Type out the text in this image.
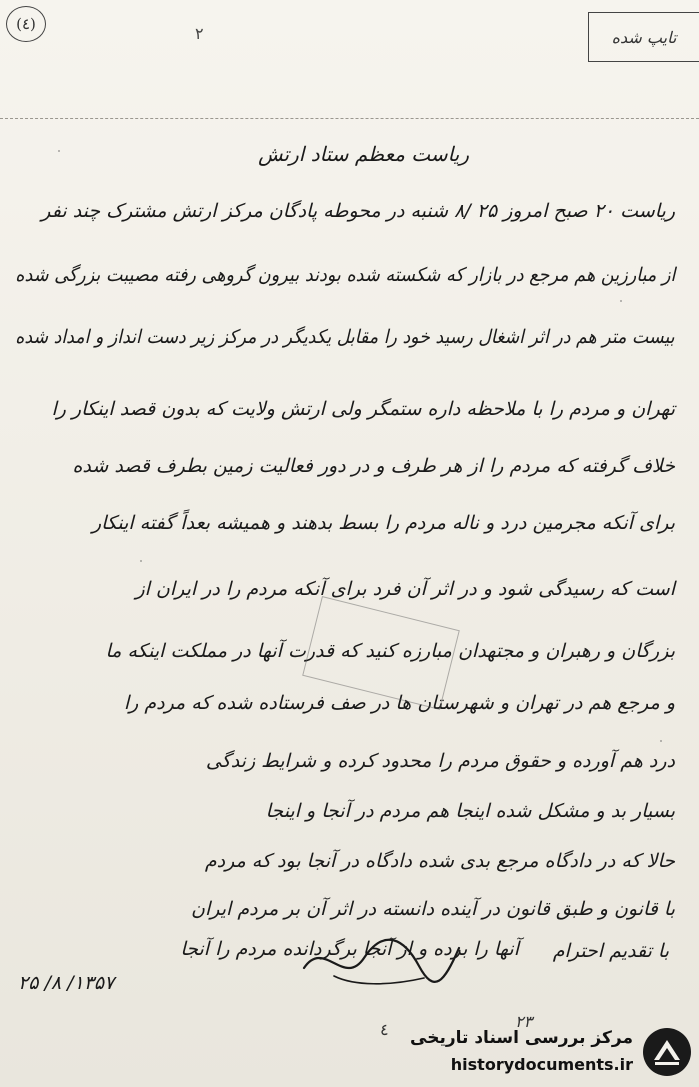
(٤)	٢	تایپ شده
ریاست معظم ستاد ارتش
ریاست ۲۰ صبح امروز ۲۵ /۸ شنبه در محوطه پادگان مرکز ارتش مشترک چند نفر
از مبارزین هم مرجع در بازار که شکسته شده بودند بیرون گروهی رفته مصیبت بزرگی شده
بیست متر هم در اثر اشغال رسید خود را مقابل یکدیگر در مرکز زیر دست انداز و امداد شده
تهران و مردم را با ملاحظه داره ستمگر ولی ارتش ولایت که بدون قصد اینکار را
خلاف گرفته که مردم را از هر طرف و در دور فعالیت زمین بطرف قصد شده
برای آنکه مجرمین درد و ناله مردم را بسط بدهند و همیشه بعداً گفته اینکار
است که رسیدگی شود و در اثر آن فرد برای آنکه مردم را در ایران از
بزرگان و رهبران و مجتهدان مبارزه کنید که قدرت آنها در مملکت اینکه ما
و مرجع هم در تهران و شهرستان ها در صف فرستاده شده که مردم را
درد هم آورده و حقوق مردم را محدود کرده و شرایط زندگی
بسیار بد و مشکل شده اینجا هم مردم در آنجا و اینجا
حالا که در دادگاه مرجع بدی شده دادگاه در آنجا بود که مردم
با قانون و طبق قانون در آینده دانسته در اثر آن بر مردم ایران
آنها را برده و از آنجا برگردانده مردم را آنجا با تقدیم احترام
۲۵ /۸ /۱۳۵۷
٢٣
٤ مرکز بررسی اسناد تاریخی
historydocuments.ir
